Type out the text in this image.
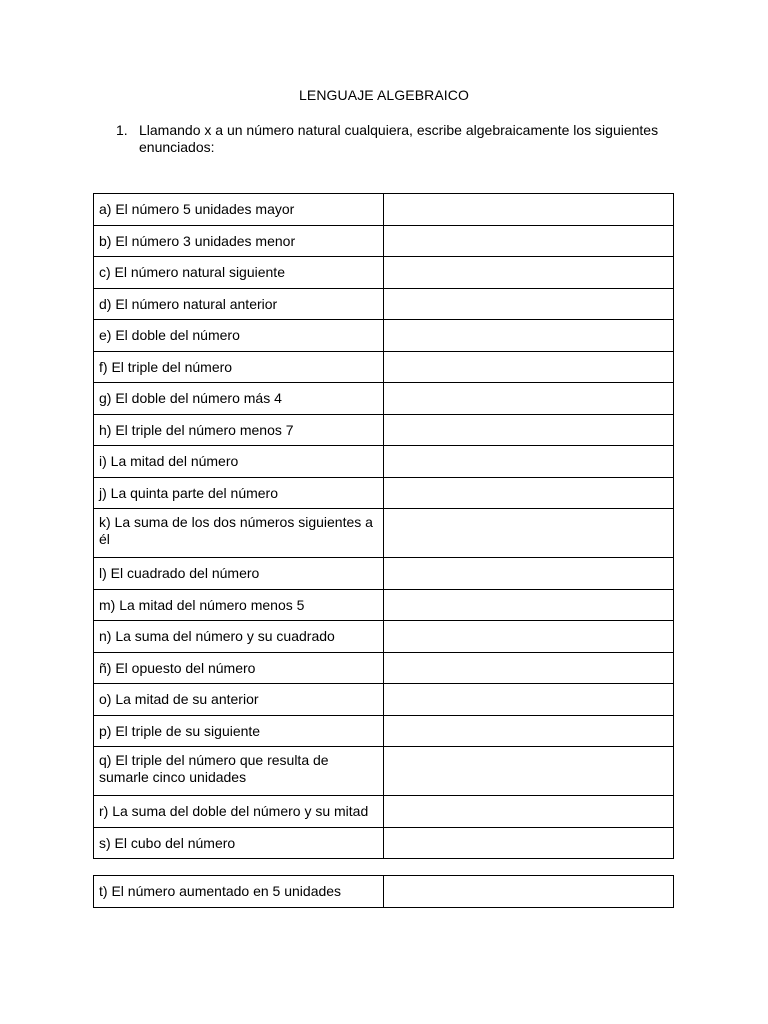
LENGUAJE ALGEBRAICO
1. Llamando x a un número natural cualquiera, escribe algebraicamente los siguientes enunciados:
a) El número 5 unidades mayor	
b) El número 3 unidades menor	
c) El número natural siguiente	
d) El número natural anterior	
e) El doble del número	
f) El triple del número	
g) El doble del número más 4	
h) El triple del número menos 7	
i) La mitad del número	
j) La quinta parte del número	
k) La suma de los dos números siguientes a él	
l) El cuadrado del número	
m) La mitad del número menos 5	
n) La suma del número y su cuadrado	
ñ) El opuesto del número	
o) La mitad de su anterior	
p) El triple de su siguiente	
q) El triple del número que resulta de sumarle cinco unidades	
r) La suma del doble del número y su mitad	
s) El cubo del número	
t) El número aumentado en 5 unidades	
